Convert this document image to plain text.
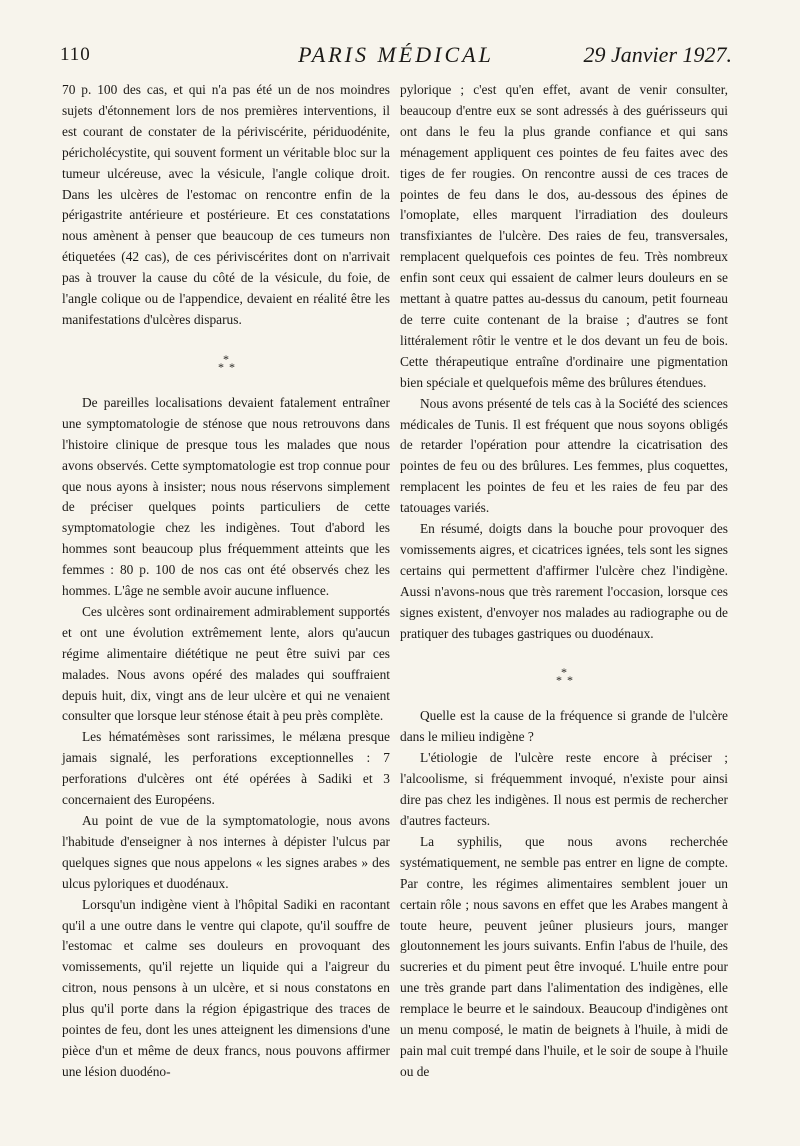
110	PARIS MÉDICAL	29 Janvier 1927.

70 p. 100 des cas, et qui n'a pas été un de nos moindres sujets d'étonnement lors de nos premières interventions, il est courant de constater de la périviscérite, périduodénite, péricholécystite, qui souvent forment un véritable bloc sur la tumeur ulcéreuse, avec la vésicule, l'angle colique droit. Dans les ulcères de l'estomac on rencontre enfin de la périgastrite antérieure et postérieure. Et ces constatations nous amènent à penser que beaucoup de ces tumeurs non étiquetées (42 cas), de ces périviscérites dont on n'arrivait pas à trouver la cause du côté de la vésicule, du foie, de l'angle colique ou de l'appendice, devaient en réalité être les manifestations d'ulcères disparus.

*
* *

De pareilles localisations devaient fatalement entraîner une symptomatologie de sténose que nous retrouvons dans l'histoire clinique de presque tous les malades que nous avons observés. Cette symptomatologie est trop connue pour que nous ayons à insister; nous nous réservons simplement de préciser quelques points particuliers de cette symptomatologie chez les indigènes. Tout d'abord les hommes sont beaucoup plus fréquemment atteints que les femmes : 80 p. 100 de nos cas ont été observés chez les hommes. L'âge ne semble avoir aucune influence.

Ces ulcères sont ordinairement admirablement supportés et ont une évolution extrêmement lente, alors qu'aucun régime alimentaire diététique ne peut être suivi par ces malades. Nous avons opéré des malades qui souffraient depuis huit, dix, vingt ans de leur ulcère et qui ne venaient consulter que lorsque leur sténose était à peu près complète.

Les hématémèses sont rarissimes, le mélæna presque jamais signalé, les perforations exceptionnelles : 7 perforations d'ulcères ont été opérées à Sadiki et 3 concernaient des Européens.

Au point de vue de la symptomatologie, nous avons l'habitude d'enseigner à nos internes à dépister l'ulcus par quelques signes que nous appelons « les signes arabes » des ulcus pyloriques et duodénaux.

Lorsqu'un indigène vient à l'hôpital Sadiki en racontant qu'il a une outre dans le ventre qui clapote, qu'il souffre de l'estomac et calme ses douleurs en provoquant des vomissements, qu'il rejette un liquide qui a l'aigreur du citron, nous pensons à un ulcère, et si nous constatons en plus qu'il porte dans la région épigastrique des traces de pointes de feu, dont les unes atteignent les dimensions d'une pièce d'un et même de deux francs, nous pouvons affirmer une lésion duodéno-

pylorique ; c'est qu'en effet, avant de venir consulter, beaucoup d'entre eux se sont adressés à des guérisseurs qui ont dans le feu la plus grande confiance et qui sans ménagement appliquent ces pointes de feu faites avec des tiges de fer rougies. On rencontre aussi de ces traces de pointes de feu dans le dos, au-dessous des épines de l'omoplate, elles marquent l'irradiation des douleurs transfixiantes de l'ulcère. Des raies de feu, transversales, remplacent quelquefois ces pointes de feu. Très nombreux enfin sont ceux qui essaient de calmer leurs douleurs en se mettant à quatre pattes au-dessus du canoum, petit fourneau de terre cuite contenant de la braise ; d'autres se font littéralement rôtir le ventre et le dos devant un feu de bois. Cette thérapeutique entraîne d'ordinaire une pigmentation bien spéciale et quelquefois même des brûlures étendues.

Nous avons présenté de tels cas à la Société des sciences médicales de Tunis. Il est fréquent que nous soyons obligés de retarder l'opération pour attendre la cicatrisation des pointes de feu ou des brûlures. Les femmes, plus coquettes, remplacent les pointes de feu et les raies de feu par des tatouages variés.

En résumé, doigts dans la bouche pour provoquer des vomissements aigres, et cicatrices ignées, tels sont les signes certains qui permettent d'affirmer l'ulcère chez l'indigène. Aussi n'avons-nous que très rarement l'occasion, lorsque ces signes existent, d'envoyer nos malades au radiographe ou de pratiquer des tubages gastriques ou duodénaux.

*
* *

Quelle est la cause de la fréquence si grande de l'ulcère dans le milieu indigène ?

L'étiologie de l'ulcère reste encore à préciser ; l'alcoolisme, si fréquemment invoqué, n'existe pour ainsi dire pas chez les indigènes. Il nous est permis de rechercher d'autres facteurs.

La syphilis, que nous avons recherchée systématiquement, ne semble pas entrer en ligne de compte. Par contre, les régimes alimentaires semblent jouer un certain rôle ; nous savons en effet que les Arabes mangent à toute heure, peuvent jeûner plusieurs jours, manger gloutonnement les jours suivants. Enfin l'abus de l'huile, des sucreries et du piment peut être invoqué. L'huile entre pour une très grande part dans l'alimentation des indigènes, elle remplace le beurre et le saindoux. Beaucoup d'indigènes ont un menu composé, le matin de beignets à l'huile, à midi de pain mal cuit trempé dans l'huile, et le soir de soupe à l'huile ou de
